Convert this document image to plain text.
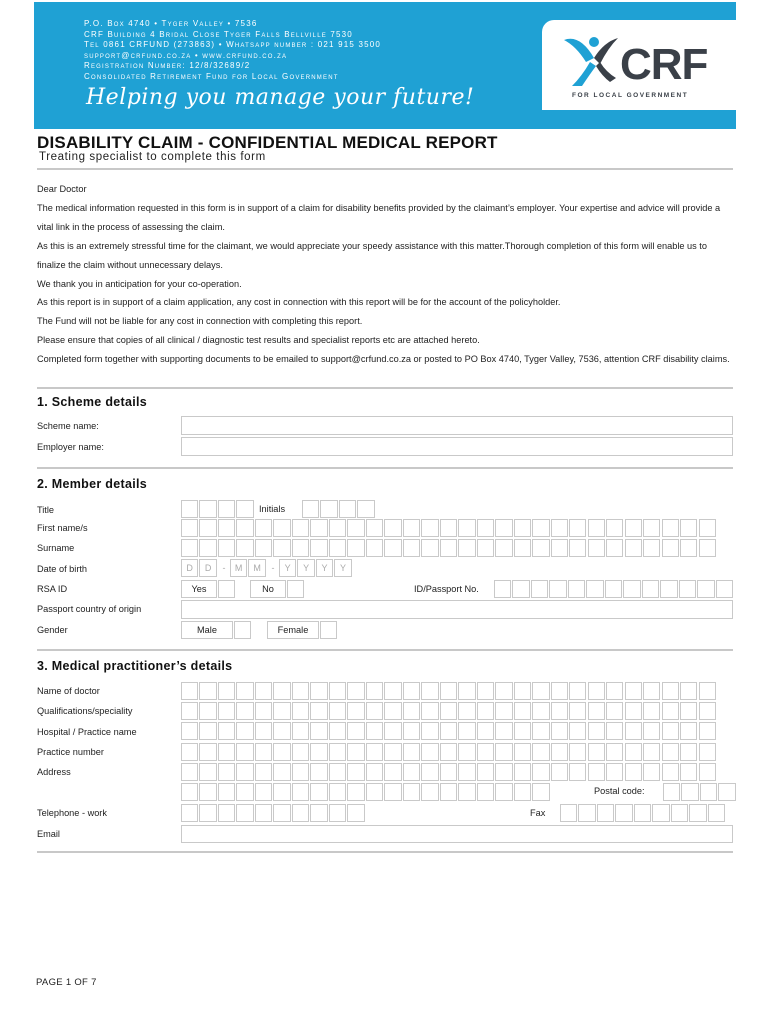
P.O. Box 4740 • Tyger Valley • 7536
CRF Building 4 Bridal Close Tyger Falls Bellville 7530
Tel 0861 CRFUND (273863) • Whatsapp number : 021 915 3500
support@crfund.co.za • www.crfund.co.za
Registration Number: 12/8/32689/2
Consolidated Retirement Fund for Local Government
Helping you manage your future!
CRF
FOR LOCAL GOVERNMENT
DISABILITY CLAIM - CONFIDENTIAL MEDICAL REPORT
Treating specialist to complete this form
Dear Doctor
The medical information requested in this form is in support of a claim for disability benefits provided by the claimant’s employer. Your expertise and advice will provide a vital link in the process of assessing the claim.
As this is an extremely stressful time for the claimant, we would appreciate your speedy assistance with this matter.Thorough completion of this form will enable us to finalize the claim without unnecessary delays.
We thank you in anticipation for your co-operation.
As this report is in support of a claim application, any cost in connection with this report will be for the account of the policyholder.
The Fund will not be liable for any cost in connection with completing this report.
Please ensure that copies of all clinical / diagnostic test results and specialist reports etc are attached hereto.
Completed form together with supporting documents to be emailed to support@crfund.co.za or posted to PO Box 4740, Tyger Valley, 7536, attention CRF disability claims.
1. Scheme details
Scheme name:
Employer name:
2. Member details
Title	Initials
First name/s
Surname
Date of birth	D	D	-	M	M	-	Y	Y	Y	Y
RSA ID	Yes	No	ID/Passport No.
Passport country of origin
Gender	Male	Female
3. Medical practitioner’s details
Name of doctor
Qualifications/speciality
Hospital / Practice name
Practice number
Address
Postal code:
Telephone - work	Fax
Email
PAGE 1 OF 7
